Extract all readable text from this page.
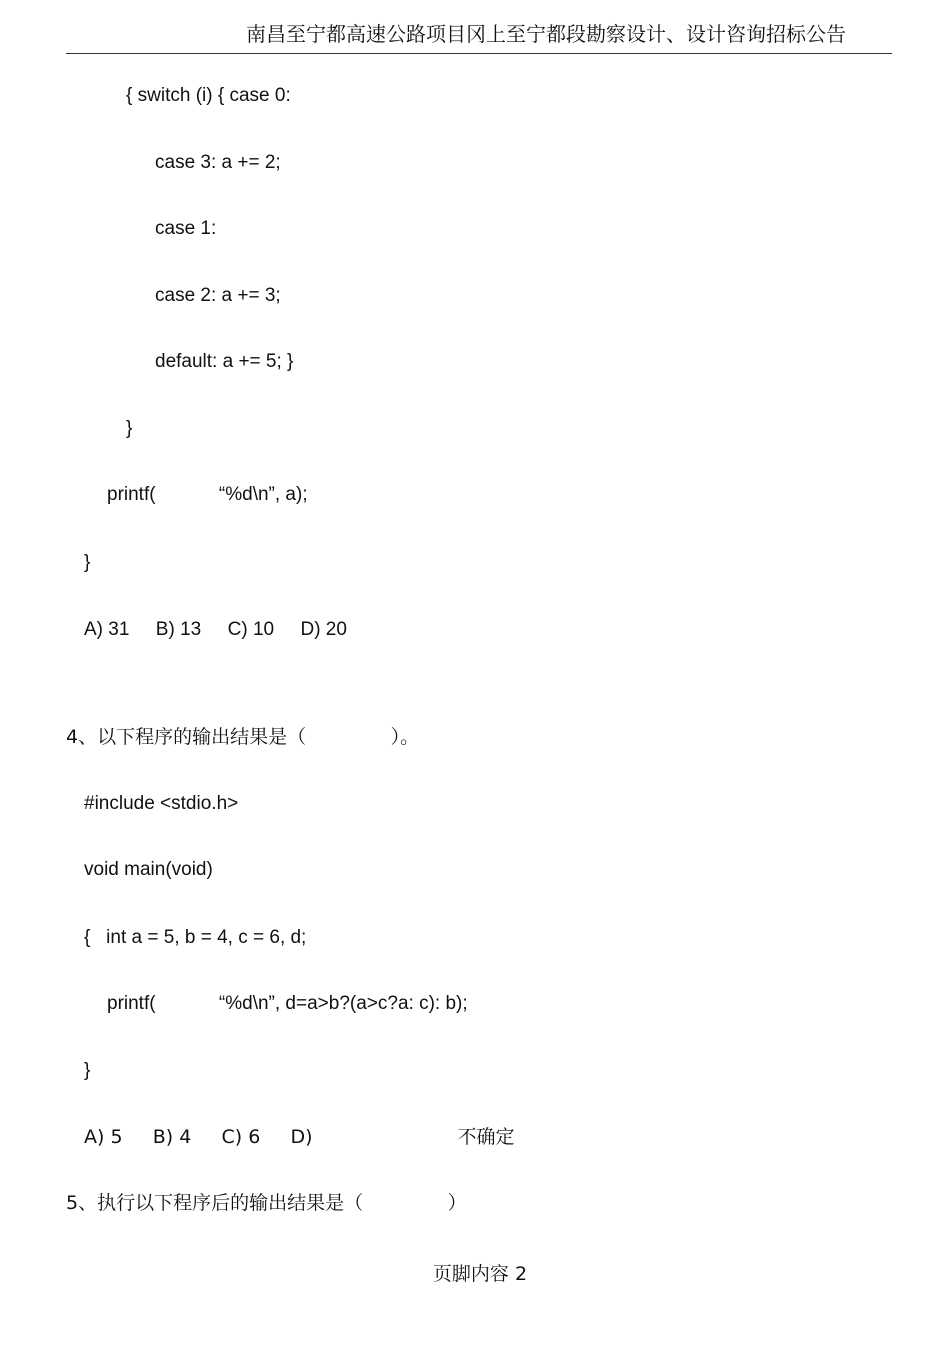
南昌至宁都高速公路项目冈上至宁都段勘察设计、设计咨询招标公告
{ switch (i) { case 0:
case 3: a += 2;
case 1:
case 2: a += 3;
default: a += 5; }
}
printf(            “%d\n”, a);
}
A) 31     B) 13     C) 10     D) 20
4、以下程序的输出结果是（              ）。
#include <stdio.h>
void main(void)
{   int a = 5, b = 4, c = 6, d;
printf(            “%d\n”, d=a>b?(a>c?a: c): b);
}
A) 5     B) 4     C) 6     D)                        不确定
5、执行以下程序后的输出结果是（              ）
页脚内容 2
